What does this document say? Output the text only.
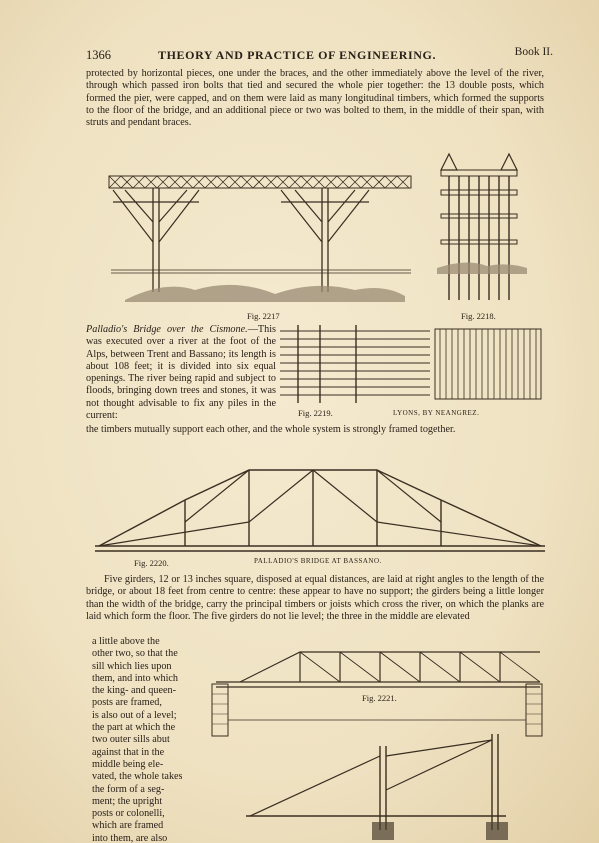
1366	THEORY AND PRACTICE OF ENGINEERING.	Book II.

protected by horizontal pieces, one under the braces, and the other immediately above the level of the river, through which passed iron bolts that tied and secured the whole pier together: the 13 double posts, which formed the pier, were capped, and on them were laid as many longitudinal timbers, which formed the supports to the floor of the bridge, and an additional piece or two was bolted to them, in the middle of their span, with struts and pendant braces.

Fig. 2217	Fig. 2218.

Palladio's Bridge over the Cismone.—This was executed over a river at the foot of the Alps, between Trent and Bassano; its length is about 108 feet; it is divided into six equal openings. The river being rapid and subject to floods, bringing down trees and stones, it was not thought advisable to fix any piles in the current:	Fig. 2219.	LYONS, BY NEANGREZ.

the timbers mutually support each other, and the whole system is strongly framed together.

Fig. 2220.	PALLADIO'S BRIDGE AT BASSANO.

Five girders, 12 or 13 inches square, disposed at equal distances, are laid at right angles to the length of the bridge, or about 18 feet from centre to centre: these appear to have no support; the girders being a little longer than the width of the bridge, carry the principal timbers or joists which cross the river, on which the planks are laid which form the floor. The five girders do not lie level; the three in the middle are elevated

a little above the
other two, so that the
sill which lies upon
them, and into which
the king- and queen-
posts are framed,
is also out of a level;
the part at which the
two outer sills abut
against that in the
middle being ele-
vated, the whole takes
the form of a seg-
ment; the upright
posts or colonelli,
which are framed
into them, are also
Fig. 2221.
